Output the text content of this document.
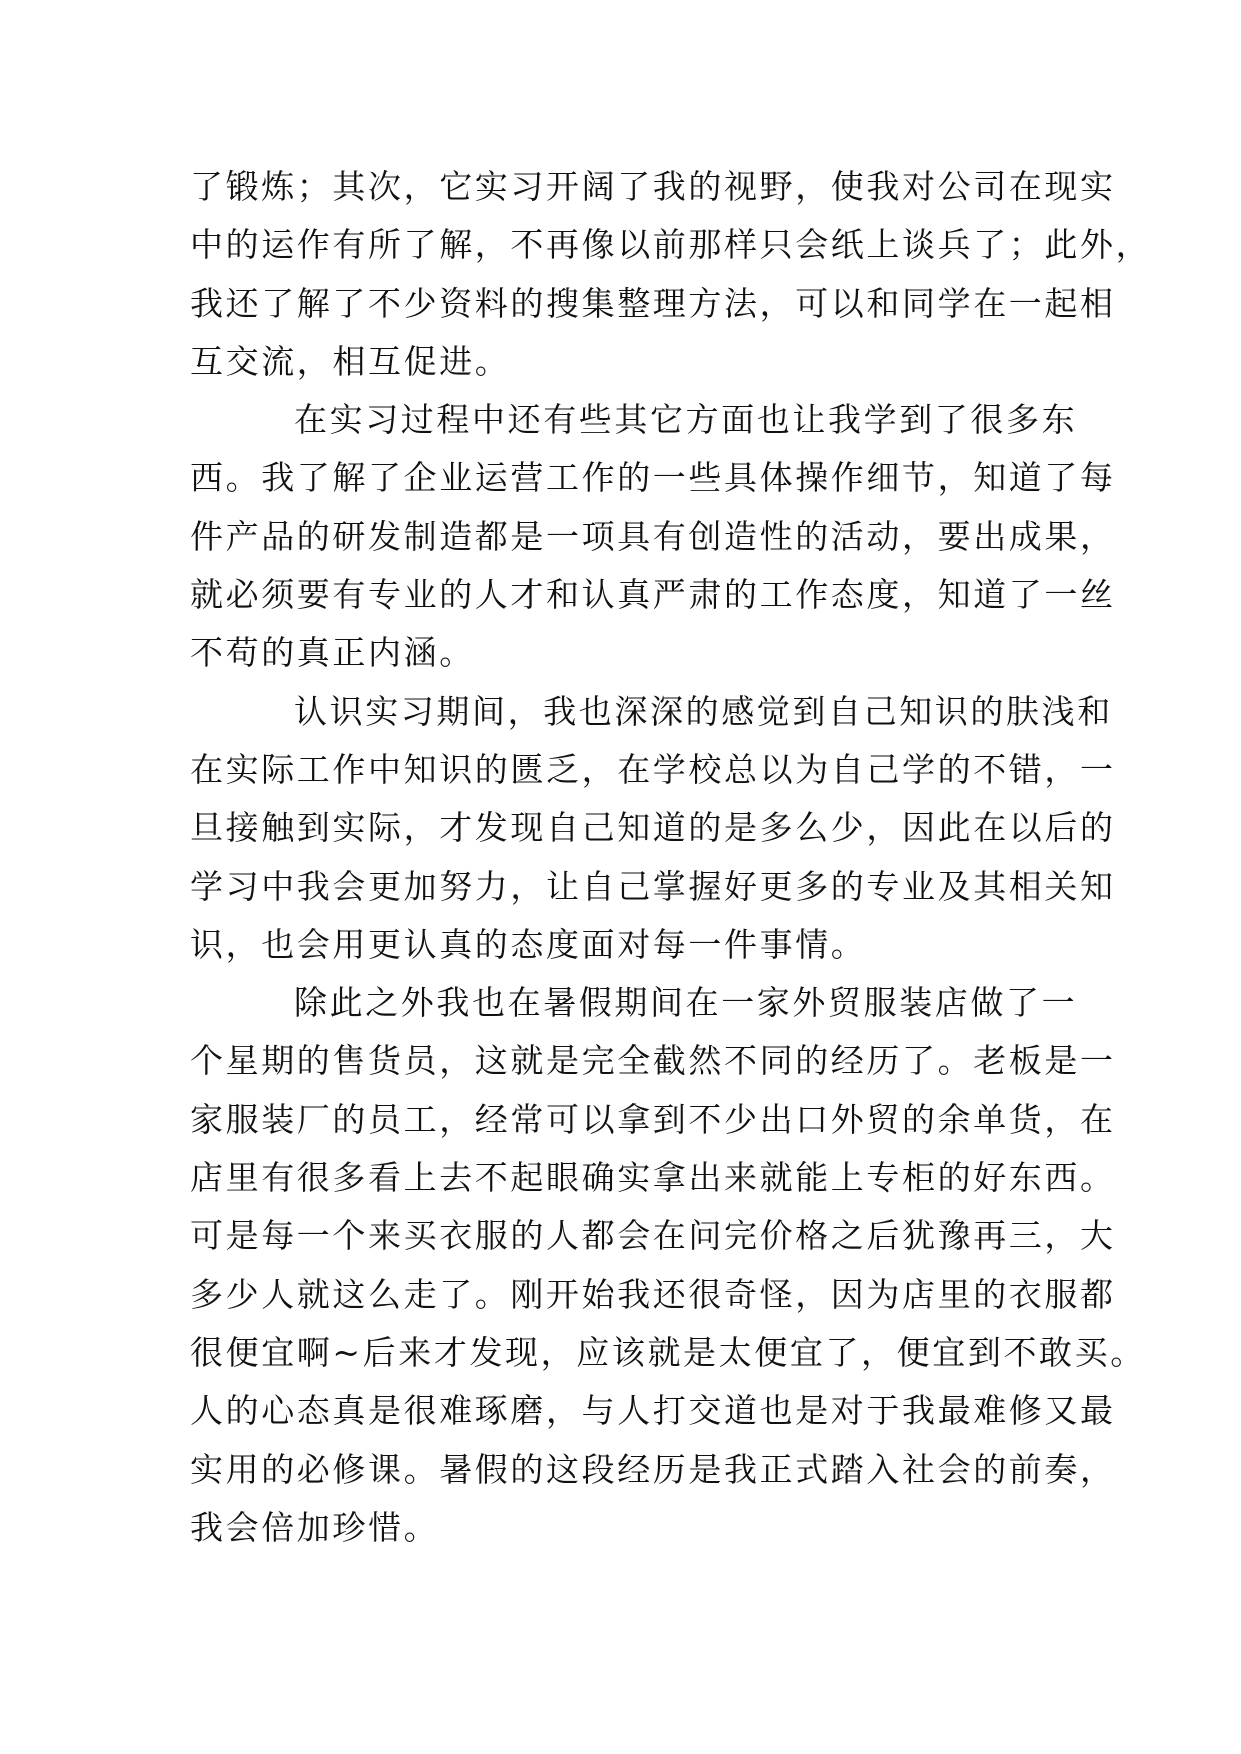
了锻炼；其次，它实习开阔了我的视野，使我对公司在现实
中的运作有所了解，不再像以前那样只会纸上谈兵了；此外，
我还了解了不少资料的搜集整理方法，可以和同学在一起相
互交流，相互促进。
在实习过程中还有些其它方面也让我学到了很多东
西。我了解了企业运营工作的一些具体操作细节，知道了每
件产品的研发制造都是一项具有创造性的活动，要出成果，
就必须要有专业的人才和认真严肃的工作态度，知道了一丝
不苟的真正内涵。
认识实习期间，我也深深的感觉到自己知识的肤浅和
在实际工作中知识的匮乏，在学校总以为自己学的不错，一
旦接触到实际，才发现自己知道的是多么少，因此在以后的
学习中我会更加努力，让自己掌握好更多的专业及其相关知
识，也会用更认真的态度面对每一件事情。
除此之外我也在暑假期间在一家外贸服装店做了一
个星期的售货员，这就是完全截然不同的经历了。老板是一
家服装厂的员工，经常可以拿到不少出口外贸的余单货，在
店里有很多看上去不起眼确实拿出来就能上专柜的好东西。
可是每一个来买衣服的人都会在问完价格之后犹豫再三，大
多少人就这么走了。刚开始我还很奇怪，因为店里的衣服都
很便宜啊~后来才发现，应该就是太便宜了，便宜到不敢买。
人的心态真是很难琢磨，与人打交道也是对于我最难修又最
实用的必修课。暑假的这段经历是我正式踏入社会的前奏，
我会倍加珍惜。
